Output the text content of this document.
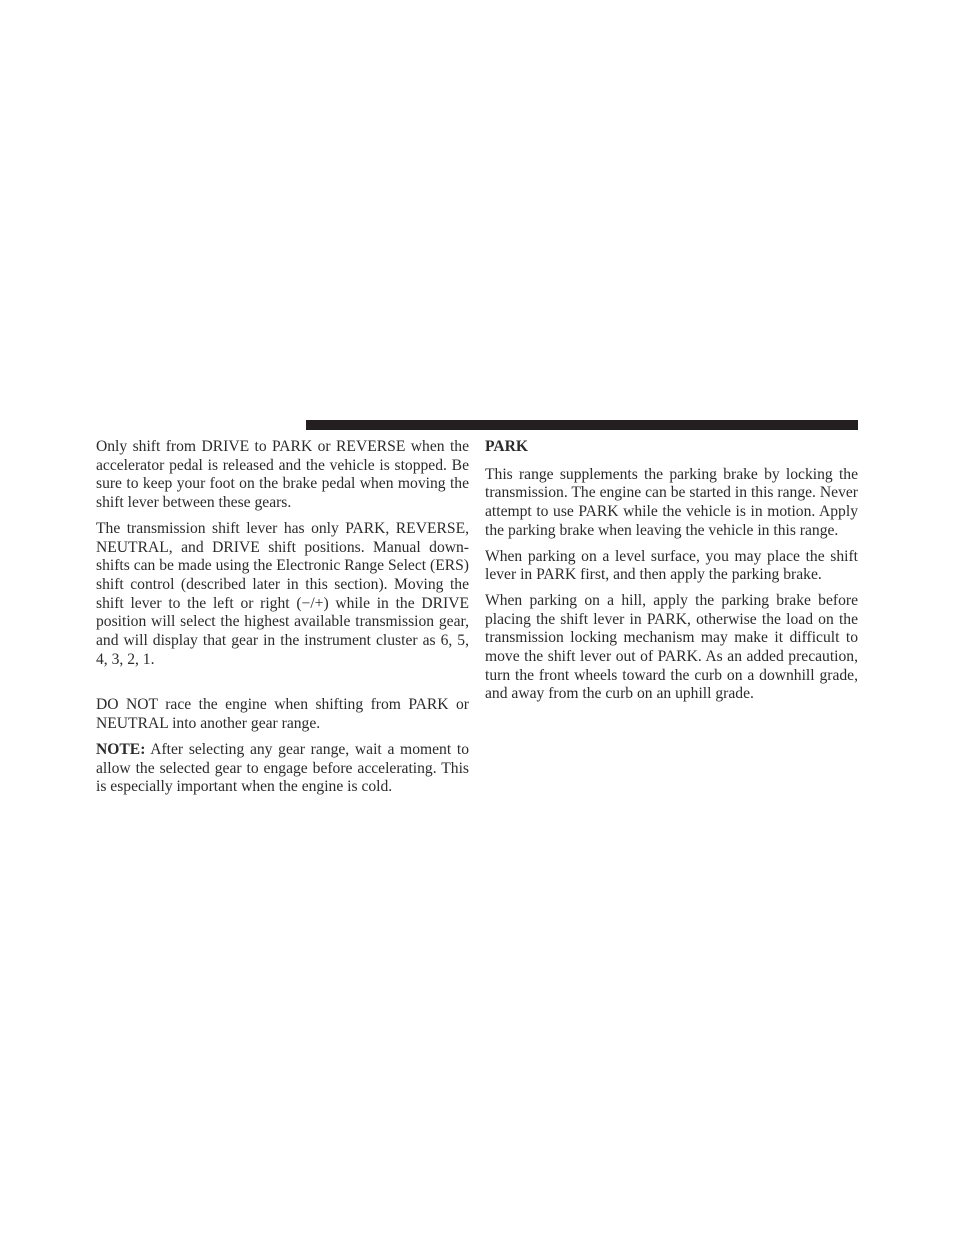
Only shift from DRIVE to PARK or REVERSE when the accelerator pedal is released and the vehicle is stopped. Be sure to keep your foot on the brake pedal when moving the shift lever between these gears.

The transmission shift lever has only PARK, REVERSE, NEUTRAL, and DRIVE shift positions. Manual downshifts can be made using the Electronic Range Select (ERS) shift control (described later in this section). Moving the shift lever to the left or right (−/+) while in the DRIVE position will select the highest available transmission gear, and will display that gear in the instrument cluster as 6, 5, 4, 3, 2, 1.

DO NOT race the engine when shifting from PARK or NEUTRAL into another gear range.

NOTE: After selecting any gear range, wait a moment to allow the selected gear to engage before accelerating. This is especially important when the engine is cold.

PARK

This range supplements the parking brake by locking the transmission. The engine can be started in this range. Never attempt to use PARK while the vehicle is in motion. Apply the parking brake when leaving the vehicle in this range.

When parking on a level surface, you may place the shift lever in PARK first, and then apply the parking brake.

When parking on a hill, apply the parking brake before placing the shift lever in PARK, otherwise the load on the transmission locking mechanism may make it difficult to move the shift lever out of PARK. As an added precaution, turn the front wheels toward the curb on a downhill grade, and away from the curb on an uphill grade.
